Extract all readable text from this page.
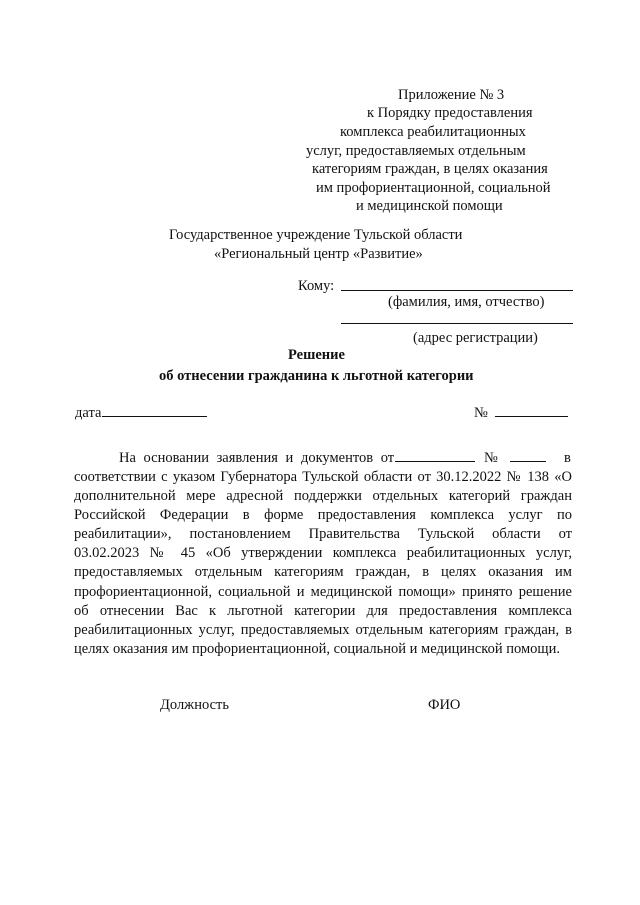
Приложение № 3
к Порядку предоставления
комплекса реабилитационных
услуг, предоставляемых отдельным
категориям граждан, в целях оказания
им профориентационной, социальной
и медицинской помощи
Государственное учреждение Тульской области
«Региональный центр «Развитие»
Кому:
(фамилия, имя, отчество)
(адрес регистрации)
Решение
об отнесении гражданина к льготной категории
дата	№
На основании заявления и документов от	№	в
соответствии с указом Губернатора Тульской области от 30.12.2022 № 138 «О
дополнительной мере адресной поддержки отдельных категорий граждан
Российской Федерации в форме предоставления комплекса услуг по
реабилитации», постановлением Правительства Тульской области от
03.02.2023 № 45 «Об утверждении комплекса реабилитационных услуг,
предоставляемых отдельным категориям граждан, в целях оказания им
профориентационной, социальной и медицинской помощи» принято решение
об отнесении Вас к льготной категории для предоставления комплекса
реабилитационных услуг, предоставляемых отдельным категориям граждан, в
целях оказания им профориентационной, социальной и медицинской помощи.
Должность	ФИО
